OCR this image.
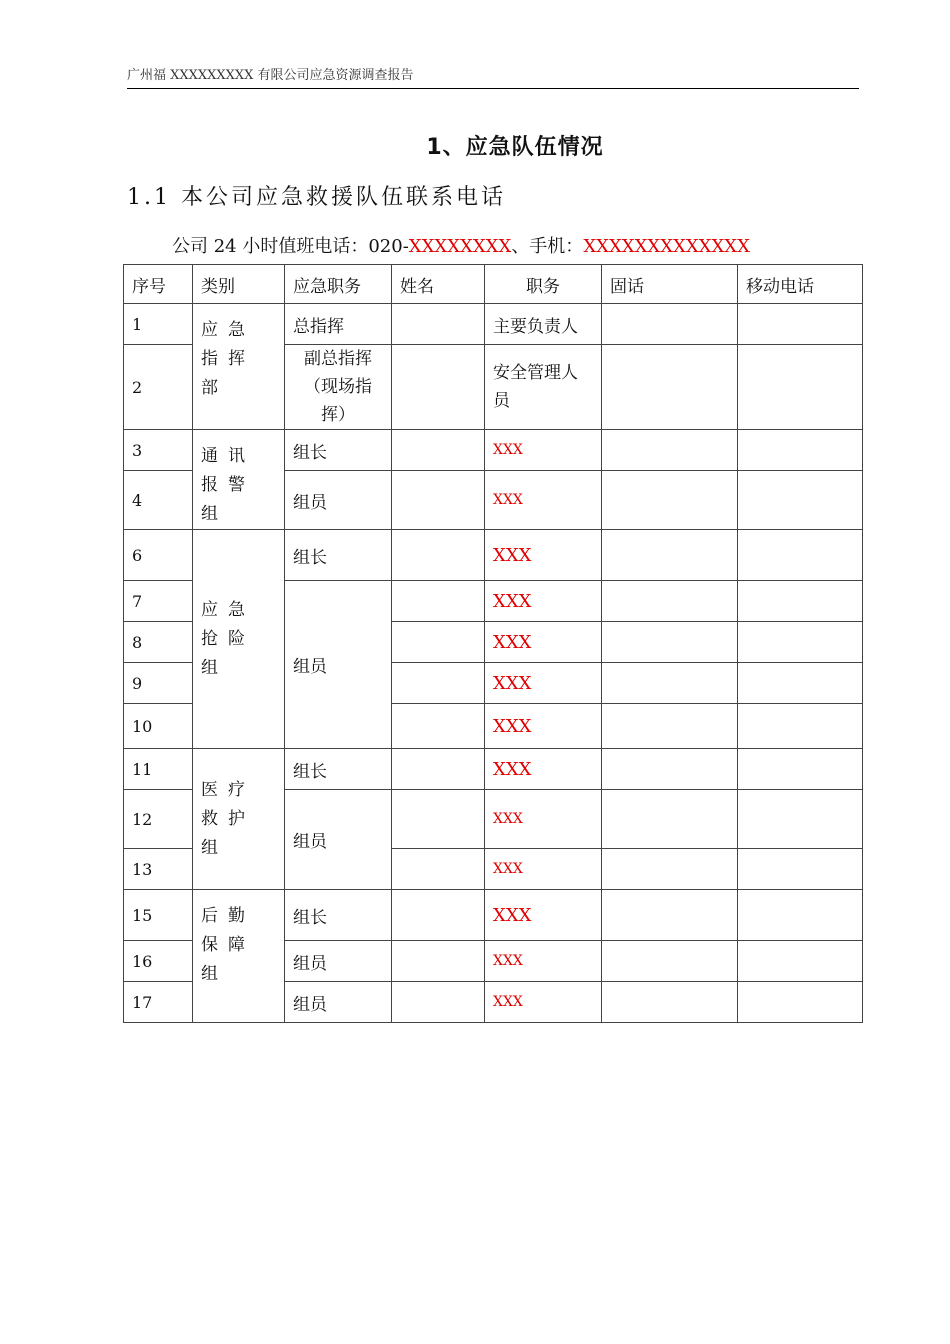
广州福 XXXXXXXXX 有限公司应急资源调查报告
1、应急队伍情况
1.1 本公司应急救援队伍联系电话
公司 24 小时值班电话：020-XXXXXXXX、手机：XXXXXXXXXXXXX
序号	类别	应急职务	姓名	职务	固话	移动电话
1	应急指挥部	总指挥		主要负责人		
2		副总指挥（现场指挥）		安全管理人员		
3	通讯报警组	组长		XXX		
4		组员		XXX		
6	应急抢险组	组长		XXX		
7		组员		XXX		
8				XXX		
9				XXX		
10				XXX		
11	医疗救护组	组长		XXX		
12		组员		XXX		
13				XXX		
15	后勤保障组	组长		XXX		
16		组员		XXX		
17		组员		XXX		
